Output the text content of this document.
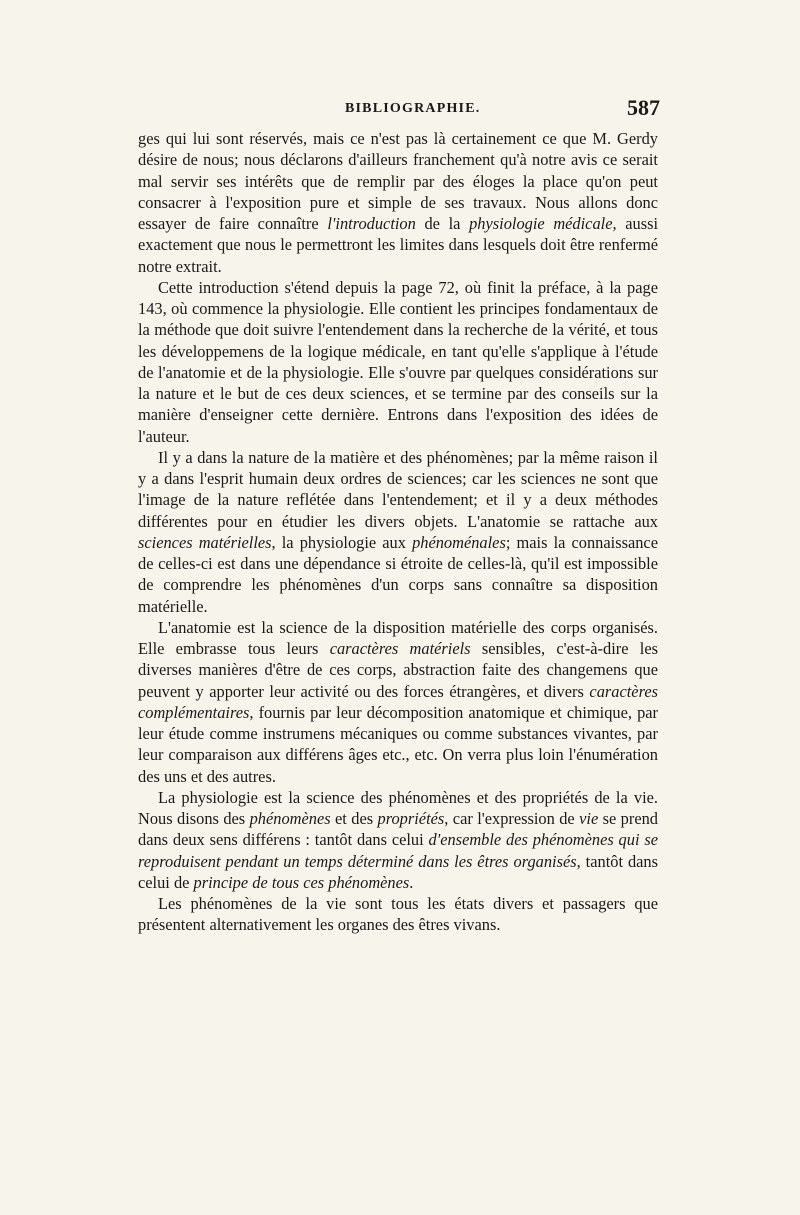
BIBLIOGRAPHIE.	587

ges qui lui sont réservés, mais ce n'est pas là certainement ce que M. Gerdy désire de nous; nous déclarons d'ailleurs franchement qu'à notre avis ce serait mal servir ses intérêts que de remplir par des éloges la place qu'on peut consacrer à l'exposition pure et simple de ses travaux. Nous allons donc essayer de faire connaître l'introduction de la physiologie médicale, aussi exactement que nous le permettront les limites dans lesquels doit être renfermé notre extrait.

Cette introduction s'étend depuis la page 72, où finit la préface, à la page 143, où commence la physiologie. Elle contient les principes fondamentaux de la méthode que doit suivre l'entendement dans la recherche de la vérité, et tous les développemens de la logique médicale, en tant qu'elle s'applique à l'étude de l'anatomie et de la physiologie. Elle s'ouvre par quelques considérations sur la nature et le but de ces deux sciences, et se termine par des conseils sur la manière d'enseigner cette dernière. Entrons dans l'exposition des idées de l'auteur.

Il y a dans la nature de la matière et des phénomènes; par la même raison il y a dans l'esprit humain deux ordres de sciences; car les sciences ne sont que l'image de la nature reflétée dans l'entendement; et il y a deux méthodes différentes pour en étudier les divers objets. L'anatomie se rattache aux sciences matérielles, la physiologie aux phénoménales; mais la connaissance de celles-ci est dans une dépendance si étroite de celles-là, qu'il est impossible de comprendre les phénomènes d'un corps sans connaître sa disposition matérielle.

L'anatomie est la science de la disposition matérielle des corps organisés. Elle embrasse tous leurs caractères matériels sensibles, c'est-à-dire les diverses manières d'être de ces corps, abstraction faite des changemens que peuvent y apporter leur activité ou des forces étrangères, et divers caractères complémentaires, fournis par leur décomposition anatomique et chimique, par leur étude comme instrumens mécaniques ou comme substances vivantes, par leur comparaison aux différens âges etc., etc. On verra plus loin l'énumération des uns et des autres.

La physiologie est la science des phénomènes et des propriétés de la vie. Nous disons des phénomènes et des propriétés, car l'expression de vie se prend dans deux sens différens : tantôt dans celui d'ensemble des phénomènes qui se reproduisent pendant un temps déterminé dans les êtres organisés, tantôt dans celui de principe de tous ces phénomènes.

Les phénomènes de la vie sont tous les états divers et passagers que présentent alternativement les organes des êtres vivans.
